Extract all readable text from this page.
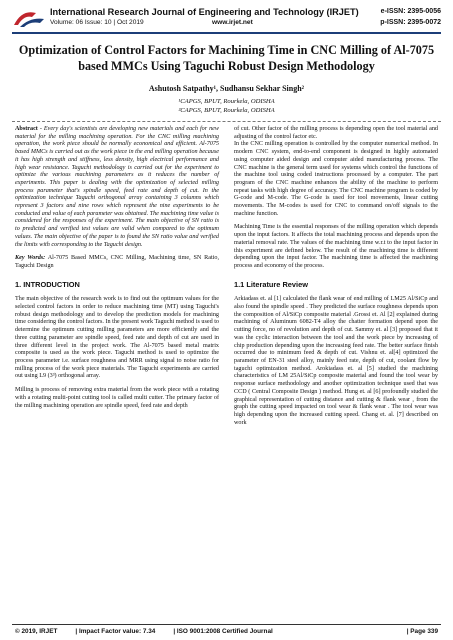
International Research Journal of Engineering and Technology (IRJET)
Volume: 06 Issue: 10 | Oct 2019	www.irjet.net
e-ISSN: 2395-0056
p-ISSN: 2395-0072
Optimization of Control Factors for Machining Time in CNC Milling of Al-7075 based MMCs Using Taguchi Robust Design Methodology
Ashutosh Satpathy¹, Sudhansu Sekhar Singh²
¹CAPGS, BPUT, Rourkela, ODISHA
²CAPGS, BPUT, Rourkela, ODISHA

Abstract - Every day's scientists are developing new materials and each for new material for the milling machining operation. For the CNC milling machining operation, the work piece should be normally economical and efficient. Al-7075 based MMCs is carried out as the work piece in the end milling operation because it has high strength and stiffness, less density, high electrical performance and high wear resistance. Taguchi methodology is carried out for the experiment to optimize the various machining parameters as it reduces the number of experiments. This paper is dealing with the optimization of selected milling process parameter that's spindle speed, feed rate and depth of cut. In the optimization technique Taguchi orthogonal array containing 3 columns which represent 3 factors and nine rows which represent the nine experiments to be conducted and value of each parameter was obtained. The machining time value is considered for the responses of the experiment. The main objective of SN ratio is to predicted and verified test values are valid when compared to the optimum values. The main objective of the paper is to found the SN ratio value and verified the limits with corresponding to the Taguchi design.

Key Words: Al-7075 Based MMCs, CNC Milling, Machining time, SN Ratio, Taguchi Design

1. INTRODUCTION

The main objective of the research work is to find out the optimum values for the selected control factors in order to reduce machining time (MT) using Taguchi's robust design methodology and to develop the prediction models for machining time considering the control factors. In the present work Taguchi method is used to determine the optimum cutting milling parameters are more efficiently and the three cutting parameter are spindle speed, feed rate and depth of cut are used in three different level in the project work. The Al-7075 based metal matrix composite is used as the work piece. Taguchi method is used to optimize the process parameter i.e. surface roughness and MRR using signal to noise ratio for milling process of the work piece materials. The Taguchi experiments are carried out using L9 (3³) orthogonal array.

Milling is process of removing extra material from the work piece with a rotating with a rotating multi-point cutting tool is called multi cutter. The primary factor of the milling machining operation are spindle speed, feed rate and depth

of cut. Other factor of the milling process is depending open the tool material and adjusting of the control factor etc.

In the CNC milling operation is controlled by the computer numerical method. In modern CNC system, end-to-end component is designed in highly automated using computer aided design and computer aided manufacturing process. The CNC machine is the general term used for systems which control the functions of the machine tool using coded instructions processed by a computer. The part program of the CNC machine enhances the ability of the machine to perform repeat tasks with high degree of accuracy. The CNC machine program is coded by G-code and M-code. The G-code is used for tool movements, linear cutting movements. The M-codes is used for CNC to command on/off signals to the machine function.

Machining Time is the essential responses of the milling operation which depends upon the input factors. It affects the total machining process and depends upon the material removal rate. The values of the machining time w.r.t to the input factor in this experiment are defined below. The result of the machining time is different depending upon the input factor. The machining time is affected the machining process and economy of the process.

1.1 Literature Review

Arkiadass et. al [1] calculated the flank wear of end milling of LM25 Al/SiCp and also found the spindle speed . They predicted the surface roughness depends upon the composition of Al/SiCp composite material .Grossi et. Al [2] explained during machining of Aluminum 6082-T4 alloy the chatter formation depend upon the cutting force, no of revolution and depth of cut. Sammy et. al [3] proposed that it was the cyclic interaction between the tool and the work piece by increasing of chip production depending upon the increasing feed rate. The better surface finish occurred due to minimum feed & depth of cut. Vishnu et. al[4] optimized the parameter of EN-31 steel alloy, mainly feed rate, depth of cut, coolant flow by taguchi optimization method. Arokiadass et. al [5] studied the machining characteristics of LM 25Al/SiCp composite material and found the tool wear by response surface methodology and another optimization technique used that was CCD ( Central Composite Design ) method. Hung et. al [6] profoundly studied the graphical representation of cutting distance and cutting & flank wear , from the graph the cutting speed impacted on tool wear & flank wear . The tool wear was high depending upon the increased cutting speed. Chang et. al. [7] described on work

© 2019, IRJET	| Impact Factor value: 7.34	| ISO 9001:2008 Certified Journal	| Page 339
